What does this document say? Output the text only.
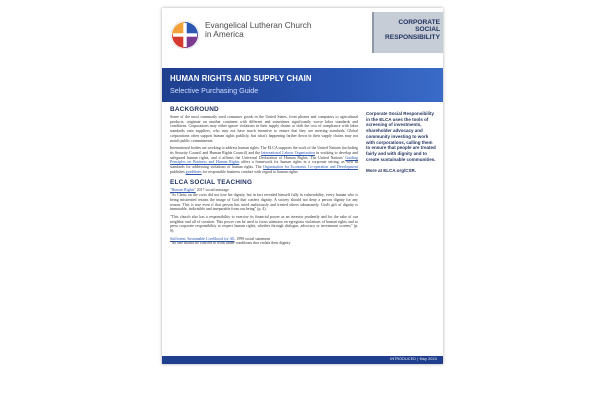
Evangelical Lutheran Church in America
CORPORATE SOCIAL RESPONSIBILITY
HUMAN RIGHTS AND SUPPLY CHAIN
Selective Purchasing Guide
BACKGROUND

Some of the most commonly used consumer goods in the United States, from phones and computers to agricultural products, originate on another continent with different and sometimes significantly worse labor standards and conditions. Corporations may either ignore violations in their supply chains or shift the cost of compliance with labor standards onto suppliers, who may not have much incentive to ensure that they are meeting standards. Global corporations often support human rights publicly, but what's happening farther down in their supply chains may not match public commitments.

International bodies are working to address human rights. The ELCA supports the work of the United Nations (including its Security Council and Human Rights Council) and the International Labour Organization in working to develop and safeguard human rights, and it affirms the Universal Declaration of Human Rights. The United Nations' Guiding Principles on Business and Human Rights offers a framework for human rights in a corporate setting, as well as standards for addressing violations of human rights. The Organisation for Economic Co-operation and Development publishes guidelines for responsible business conduct with regard to human rights.

ELCA SOCIAL TEACHING

"Human Rights" 2017 social message

"As Christ on the cross did not lose his dignity, but in fact revealed himself fully in vulnerability, every human who is being mistreated retains the image of God that confers dignity. A society should not deny a person dignity for any reason. This is true even if that person has acted maliciously and treated others inhumanely. God's gift of dignity is immutable, indivisible and inseparable from our being" (p. 4).

"This church also has a responsibility to exercise its financial power as an investor prudently and for the sake of our neighbor and all of creation. This power can be used to focus attention on egregious violations of human rights and to press corporate responsibility to respect human rights, whether through dialogue, advocacy or investment screens" (p. 9).

Sufficient, Sustainable Livelihood for All, 1999 social statement

"No one should be coerced to work under conditions that violate their dignity

Corporate Social Responsibility in the ELCA uses the tools of screening of investments, shareholder advocacy and community investing to work with corporations, calling them to ensure that people are treated fairly and with dignity and to create sustainable communities.

More at ELCA.org/CSR.

INTRODUCED | May 2024
